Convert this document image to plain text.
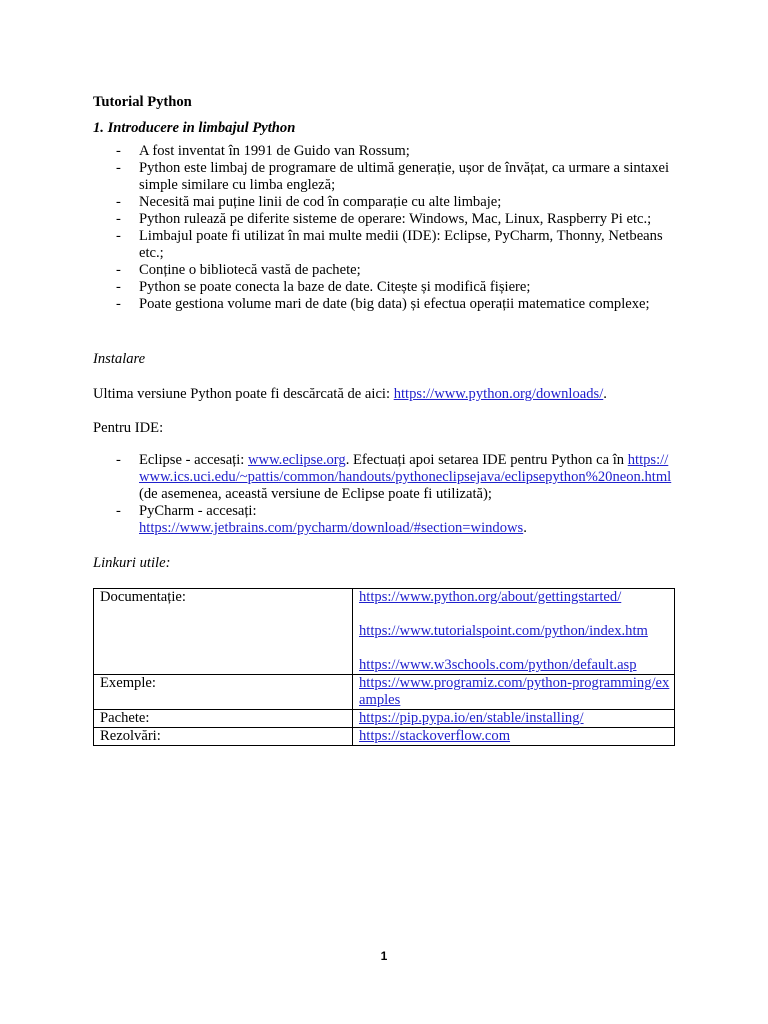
Tutorial Python
1. Introducere in limbajul Python
- A fost inventat în 1991 de Guido van Rossum;
- Python este limbaj de programare de ultimă generație, ușor de învățat, ca urmare a sintaxei simple similare cu limba engleză;
- Necesită mai puține linii de cod în comparație cu alte limbaje;
- Python rulează pe diferite sisteme de operare: Windows, Mac, Linux, Raspberry Pi etc.;
- Limbajul poate fi utilizat în mai multe medii (IDE): Eclipse, PyCharm, Thonny, Netbeans etc.;
- Conține o bibliotecă vastă de pachete;
- Python se poate conecta la baze de date. Citește și modifică fișiere;
- Poate gestiona volume mari de date (big data) și efectua operații matematice complexe;
Instalare
Ultima versiune Python poate fi descărcată de aici: https://www.python.org/downloads/.
Pentru IDE:
- Eclipse - accesați: www.eclipse.org. Efectuați apoi setarea IDE pentru Python ca în https://www.ics.uci.edu/~pattis/common/handouts/pythoneclipsejava/eclipsepython%20neon.html (de asemenea, această versiune de Eclipse poate fi utilizată);
- PyCharm - accesați:
https://www.jetbrains.com/pycharm/download/#section=windows.
Linkuri utile:
Documentație:	https://www.python.org/about/gettingstarted/
https://www.tutorialspoint.com/python/index.htm
https://www.w3schools.com/python/default.asp

Exemple:	https://www.programiz.com/python-programming/examples
Pachete:	https://pip.pypa.io/en/stable/installing/
Rezolvări:	https://stackoverflow.com
1
